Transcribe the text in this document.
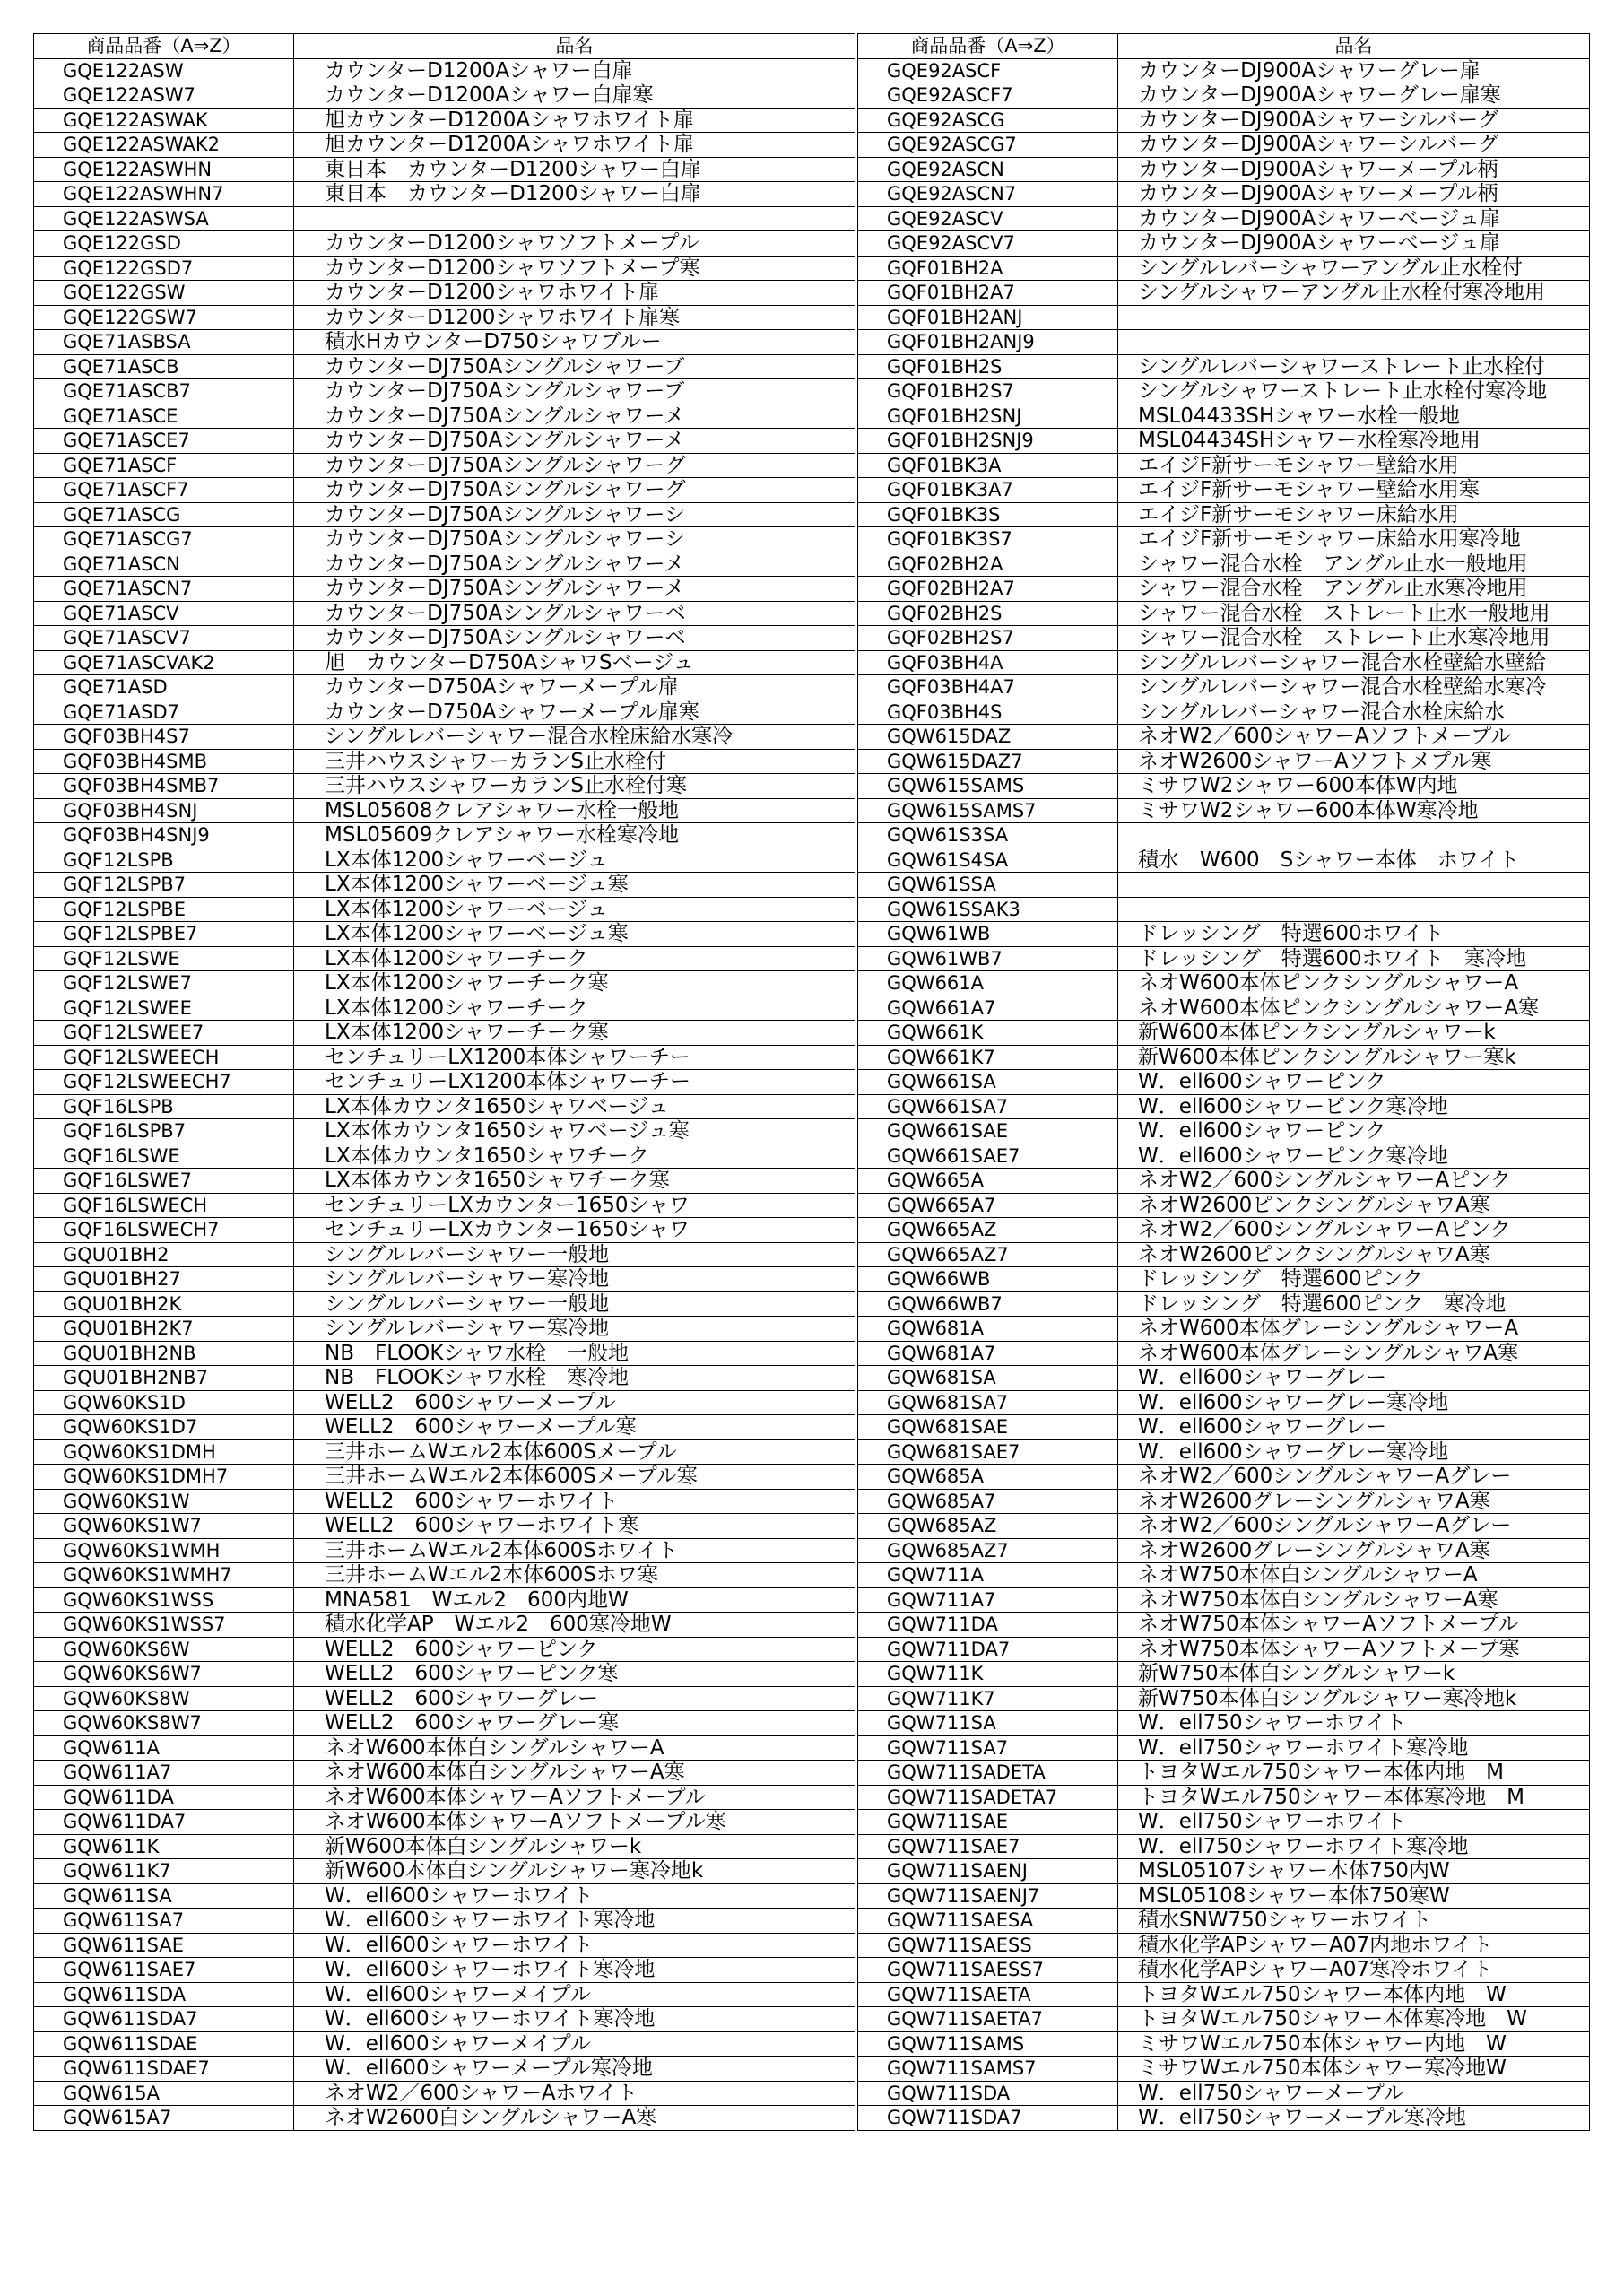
商品品番（A⇒Z）	品名
GQE122ASW	カウンターD1200Aシャワー白扉
GQE122ASW7	カウンターD1200Aシャワー白扉寒
GQE122ASWAK	旭カウンターD1200Aシャワホワイト扉
GQE122ASWAK2	旭カウンターD1200Aシャワホワイト扉
GQE122ASWHN	東日本　カウンターD1200シャワー白扉
GQE122ASWHN7	東日本　カウンターD1200シャワー白扉
GQE122ASWSA	
GQE122GSD	カウンターD1200シャワソフトメープル
GQE122GSD7	カウンターD1200シャワソフトメープ寒
GQE122GSW	カウンターD1200シャワホワイト扉
GQE122GSW7	カウンターD1200シャワホワイト扉寒
GQE71ASBSA	積水HカウンターD750シャワブルー
GQE71ASCB	カウンターDJ750Aシングルシャワーブ
GQE71ASCB7	カウンターDJ750Aシングルシャワーブ
GQE71ASCE	カウンターDJ750Aシングルシャワーメ
GQE71ASCE7	カウンターDJ750Aシングルシャワーメ
GQE71ASCF	カウンターDJ750Aシングルシャワーグ
GQE71ASCF7	カウンターDJ750Aシングルシャワーグ
GQE71ASCG	カウンターDJ750Aシングルシャワーシ
GQE71ASCG7	カウンターDJ750Aシングルシャワーシ
GQE71ASCN	カウンターDJ750Aシングルシャワーメ
GQE71ASCN7	カウンターDJ750Aシングルシャワーメ
GQE71ASCV	カウンターDJ750Aシングルシャワーベ
GQE71ASCV7	カウンターDJ750Aシングルシャワーベ
GQE71ASCVAK2	旭　カウンターD750AシャワSベージュ
GQE71ASD	カウンターD750Aシャワーメープル扉
GQE71ASD7	カウンターD750Aシャワーメープル扉寒
GQF03BH4S7	シングルレバーシャワー混合水栓床給水寒冷
GQF03BH4SMB	三井ハウスシャワーカランS止水栓付
GQF03BH4SMB7	三井ハウスシャワーカランS止水栓付寒
GQF03BH4SNJ	MSL05608クレアシャワー水栓一般地
GQF03BH4SNJ9	MSL05609クレアシャワー水栓寒冷地
GQF12LSPB	LX本体1200シャワーベージュ
GQF12LSPB7	LX本体1200シャワーベージュ寒
GQF12LSPBE	LX本体1200シャワーベージュ
GQF12LSPBE7	LX本体1200シャワーベージュ寒
GQF12LSWE	LX本体1200シャワーチーク
GQF12LSWE7	LX本体1200シャワーチーク寒
GQF12LSWEE	LX本体1200シャワーチーク
GQF12LSWEE7	LX本体1200シャワーチーク寒
GQF12LSWEECH	センチュリーLX1200本体シャワーチー
GQF12LSWEECH7	センチュリーLX1200本体シャワーチー
GQF16LSPB	LX本体カウンタ1650シャワベージュ
GQF16LSPB7	LX本体カウンタ1650シャワベージュ寒
GQF16LSWE	LX本体カウンタ1650シャワチーク
GQF16LSWE7	LX本体カウンタ1650シャワチーク寒
GQF16LSWECH	センチュリーLXカウンター1650シャワ
GQF16LSWECH7	センチュリーLXカウンター1650シャワ
GQU01BH2	シングルレバーシャワー一般地
GQU01BH27	シングルレバーシャワー寒冷地
GQU01BH2K	シングルレバーシャワー一般地
GQU01BH2K7	シングルレバーシャワー寒冷地
GQU01BH2NB	NB　FLOOKシャワ水栓　一般地
GQU01BH2NB7	NB　FLOOKシャワ水栓　寒冷地
GQW60KS1D	WELL2　600シャワーメープル
GQW60KS1D7	WELL2　600シャワーメープル寒
GQW60KS1DMH	三井ホームWエル2本体600Sメープル
GQW60KS1DMH7	三井ホームWエル2本体600Sメープル寒
GQW60KS1W	WELL2　600シャワーホワイト
GQW60KS1W7	WELL2　600シャワーホワイト寒
GQW60KS1WMH	三井ホームWエル2本体600Sホワイト
GQW60KS1WMH7	三井ホームWエル2本体600Sホワ寒
GQW60KS1WSS	MNA581　Wエル2　600内地W
GQW60KS1WSS7	積水化学AP　Wエル2　600寒冷地W
GQW60KS6W	WELL2　600シャワーピンク
GQW60KS6W7	WELL2　600シャワーピンク寒
GQW60KS8W	WELL2　600シャワーグレー
GQW60KS8W7	WELL2　600シャワーグレー寒
GQW611A	ネオW600本体白シングルシャワーA
GQW611A7	ネオW600本体白シングルシャワーA寒
GQW611DA	ネオW600本体シャワーAソフトメープル
GQW611DA7	ネオW600本体シャワーAソフトメープル寒
GQW611K	新W600本体白シングルシャワーk
GQW611K7	新W600本体白シングルシャワー寒冷地k
GQW611SA	W．ell600シャワーホワイト
GQW611SA7	W．ell600シャワーホワイト寒冷地
GQW611SAE	W．ell600シャワーホワイト
GQW611SAE7	W．ell600シャワーホワイト寒冷地
GQW611SDA	W．ell600シャワーメイプル
GQW611SDA7	W．ell600シャワーホワイト寒冷地
GQW611SDAE	W．ell600シャワーメイプル
GQW611SDAE7	W．ell600シャワーメープル寒冷地
GQW615A	ネオW2／600シャワーAホワイト
GQW615A7	ネオW2600白シングルシャワーA寒
商品品番（A⇒Z）	品名
GQE92ASCF	カウンターDJ900Aシャワーグレー扉
GQE92ASCF7	カウンターDJ900Aシャワーグレー扉寒
GQE92ASCG	カウンターDJ900Aシャワーシルバーグ
GQE92ASCG7	カウンターDJ900Aシャワーシルバーグ
GQE92ASCN	カウンターDJ900Aシャワーメープル柄
GQE92ASCN7	カウンターDJ900Aシャワーメープル柄
GQE92ASCV	カウンターDJ900Aシャワーベージュ扉
GQE92ASCV7	カウンターDJ900Aシャワーベージュ扉
GQF01BH2A	シングルレバーシャワーアングル止水栓付
GQF01BH2A7	シングルシャワーアングル止水栓付寒冷地用
GQF01BH2ANJ	
GQF01BH2ANJ9	
GQF01BH2S	シングルレバーシャワーストレート止水栓付
GQF01BH2S7	シングルシャワーストレート止水栓付寒冷地
GQF01BH2SNJ	MSL04433SHシャワー水栓一般地
GQF01BH2SNJ9	MSL04434SHシャワー水栓寒冷地用
GQF01BK3A	エイジF新サーモシャワー壁給水用
GQF01BK3A7	エイジF新サーモシャワー壁給水用寒
GQF01BK3S	エイジF新サーモシャワー床給水用
GQF01BK3S7	エイジF新サーモシャワー床給水用寒冷地
GQF02BH2A	シャワー混合水栓　アングル止水一般地用
GQF02BH2A7	シャワー混合水栓　アングル止水寒冷地用
GQF02BH2S	シャワー混合水栓　ストレート止水一般地用
GQF02BH2S7	シャワー混合水栓　ストレート止水寒冷地用
GQF03BH4A	シングルレバーシャワー混合水栓壁給水壁給
GQF03BH4A7	シングルレバーシャワー混合水栓壁給水寒冷
GQF03BH4S	シングルレバーシャワー混合水栓床給水
GQW615DAZ	ネオW2／600シャワーAソフトメープル
GQW615DAZ7	ネオW2600シャワーAソフトメプル寒
GQW615SAMS	ミサワW2シャワー600本体W内地
GQW615SAMS7	ミサワW2シャワー600本体W寒冷地
GQW61S3SA	
GQW61S4SA	積水　W600　Sシャワー本体　ホワイト
GQW61SSA	
GQW61SSAK3	
GQW61WB	ドレッシング　特選600ホワイト
GQW61WB7	ドレッシング　特選600ホワイト　寒冷地
GQW661A	ネオW600本体ピンクシングルシャワーA
GQW661A7	ネオW600本体ピンクシングルシャワーA寒
GQW661K	新W600本体ピンクシングルシャワーk
GQW661K7	新W600本体ピンクシングルシャワー寒k
GQW661SA	W．ell600シャワーピンク
GQW661SA7	W．ell600シャワーピンク寒冷地
GQW661SAE	W．ell600シャワーピンク
GQW661SAE7	W．ell600シャワーピンク寒冷地
GQW665A	ネオW2／600シングルシャワーAピンク
GQW665A7	ネオW2600ピンクシングルシャワA寒
GQW665AZ	ネオW2／600シングルシャワーAピンク
GQW665AZ7	ネオW2600ピンクシングルシャワA寒
GQW66WB	ドレッシング　特選600ピンク
GQW66WB7	ドレッシング　特選600ピンク　寒冷地
GQW681A	ネオW600本体グレーシングルシャワーA
GQW681A7	ネオW600本体グレーシングルシャワA寒
GQW681SA	W．ell600シャワーグレー
GQW681SA7	W．ell600シャワーグレー寒冷地
GQW681SAE	W．ell600シャワーグレー
GQW681SAE7	W．ell600シャワーグレー寒冷地
GQW685A	ネオW2／600シングルシャワーAグレー
GQW685A7	ネオW2600グレーシングルシャワA寒
GQW685AZ	ネオW2／600シングルシャワーAグレー
GQW685AZ7	ネオW2600グレーシングルシャワA寒
GQW711A	ネオW750本体白シングルシャワーA
GQW711A7	ネオW750本体白シングルシャワーA寒
GQW711DA	ネオW750本体シャワーAソフトメープル
GQW711DA7	ネオW750本体シャワーAソフトメープ寒
GQW711K	新W750本体白シングルシャワーk
GQW711K7	新W750本体白シングルシャワー寒冷地k
GQW711SA	W．ell750シャワーホワイト
GQW711SA7	W．ell750シャワーホワイト寒冷地
GQW711SADETA	トヨタWエル750シャワー本体内地　M
GQW711SADETA7	トヨタWエル750シャワー本体寒冷地　M
GQW711SAE	W．ell750シャワーホワイト
GQW711SAE7	W．ell750シャワーホワイト寒冷地
GQW711SAENJ	MSL05107シャワー本体750内W
GQW711SAENJ7	MSL05108シャワー本体750寒W
GQW711SAESA	積水SNW750シャワーホワイト
GQW711SAESS	積水化学APシャワーA07内地ホワイト
GQW711SAESS7	積水化学APシャワーA07寒冷ホワイト
GQW711SAETA	トヨタWエル750シャワー本体内地　W
GQW711SAETA7	トヨタWエル750シャワー本体寒冷地　W
GQW711SAMS	ミサワWエル750本体シャワー内地　W
GQW711SAMS7	ミサワWエル750本体シャワー寒冷地W
GQW711SDA	W．ell750シャワーメープル
GQW711SDA7	W．ell750シャワーメープル寒冷地
